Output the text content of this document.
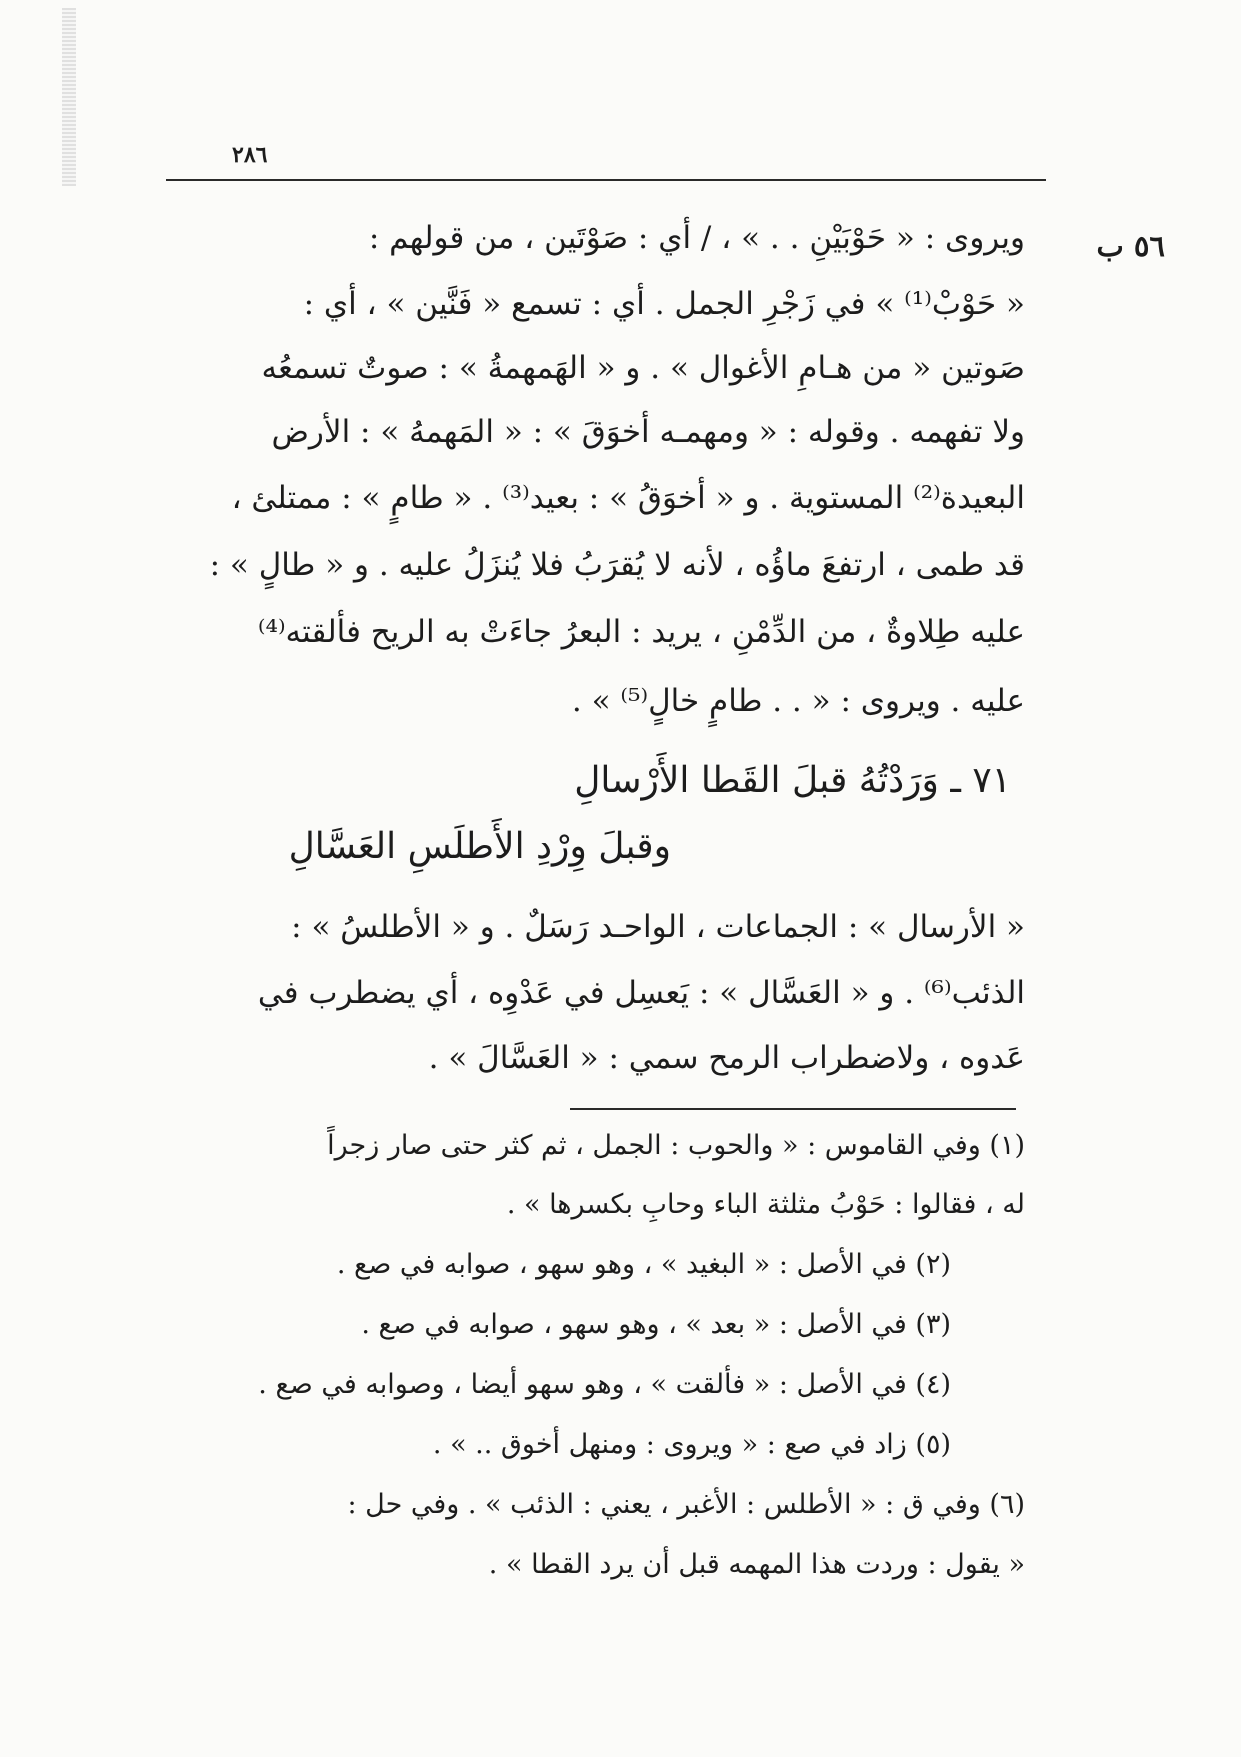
٢٨٦
٥٦ ب
ويروى : « حَوْبَيْنِ . . » ، / أي : صَوْتَين ، من قولهم :
« حَوْبْ⁽¹⁾ » في زَجْرِ الجمل . أي : تسمع « فَنَّين » ، أي :
صَوتين « من هـامِ الأغوال » . و « الهَمهمةُ » : صوتٌ تسمعُه
ولا تفهمه . وقوله : « ومهمـه أخوَقَ » : « المَهمهُ » : الأرض
البعيدة⁽²⁾ المستوية . و « أخوَقُ » : بعيد⁽³⁾ . « طامٍ » : ممتلئ ،
قد طمى ، ارتفعَ ماؤُه ، لأنه لا يُقرَبُ فلا يُنزَلُ عليه . و « طالٍ » :
عليه طِلاوةٌ ، من الدِّمْنِ ، يريد : البعرُ جاءَتْ به الريح فألقته⁽⁴⁾
عليه . ويروى : « . . طامٍ خالٍ⁽⁵⁾ » .
٧١ ـ وَرَدْتُهُ قبلَ القَطا الأَرْسالِ
وقبلَ وِرْدِ الأَطلَسِ العَسَّالِ
« الأرسال » : الجماعات ، الواحـد رَسَلٌ . و « الأطلسُ » :
الذئب⁽⁶⁾ . و « العَسَّال » : يَعسِل في عَدْوِه ، أي يضطرب في
عَدوه ، ولاضطراب الرمح سمي : « العَسَّالَ » .
(١) وفي القاموس : « والحوب : الجمل ، ثم كثر حتى صار زجراً
له ، فقالوا : حَوْبُ مثلثة الباء وحابِ بكسرها » .
(٢) في الأصل : « البغيد » ، وهو سهو ، صوابه في صع .
(٣) في الأصل : « بعد » ، وهو سهو ، صوابه في صع .
(٤) في الأصل : « فألقت » ، وهو سهو أيضا ، وصوابه في صع .
(٥) زاد في صع : « ويروى : ومنهل أخوق .. » .
(٦) وفي ق : « الأطلس : الأغبر ، يعني : الذئب » . وفي حل :
« يقول : وردت هذا المهمه قبل أن يرد القطا » .
